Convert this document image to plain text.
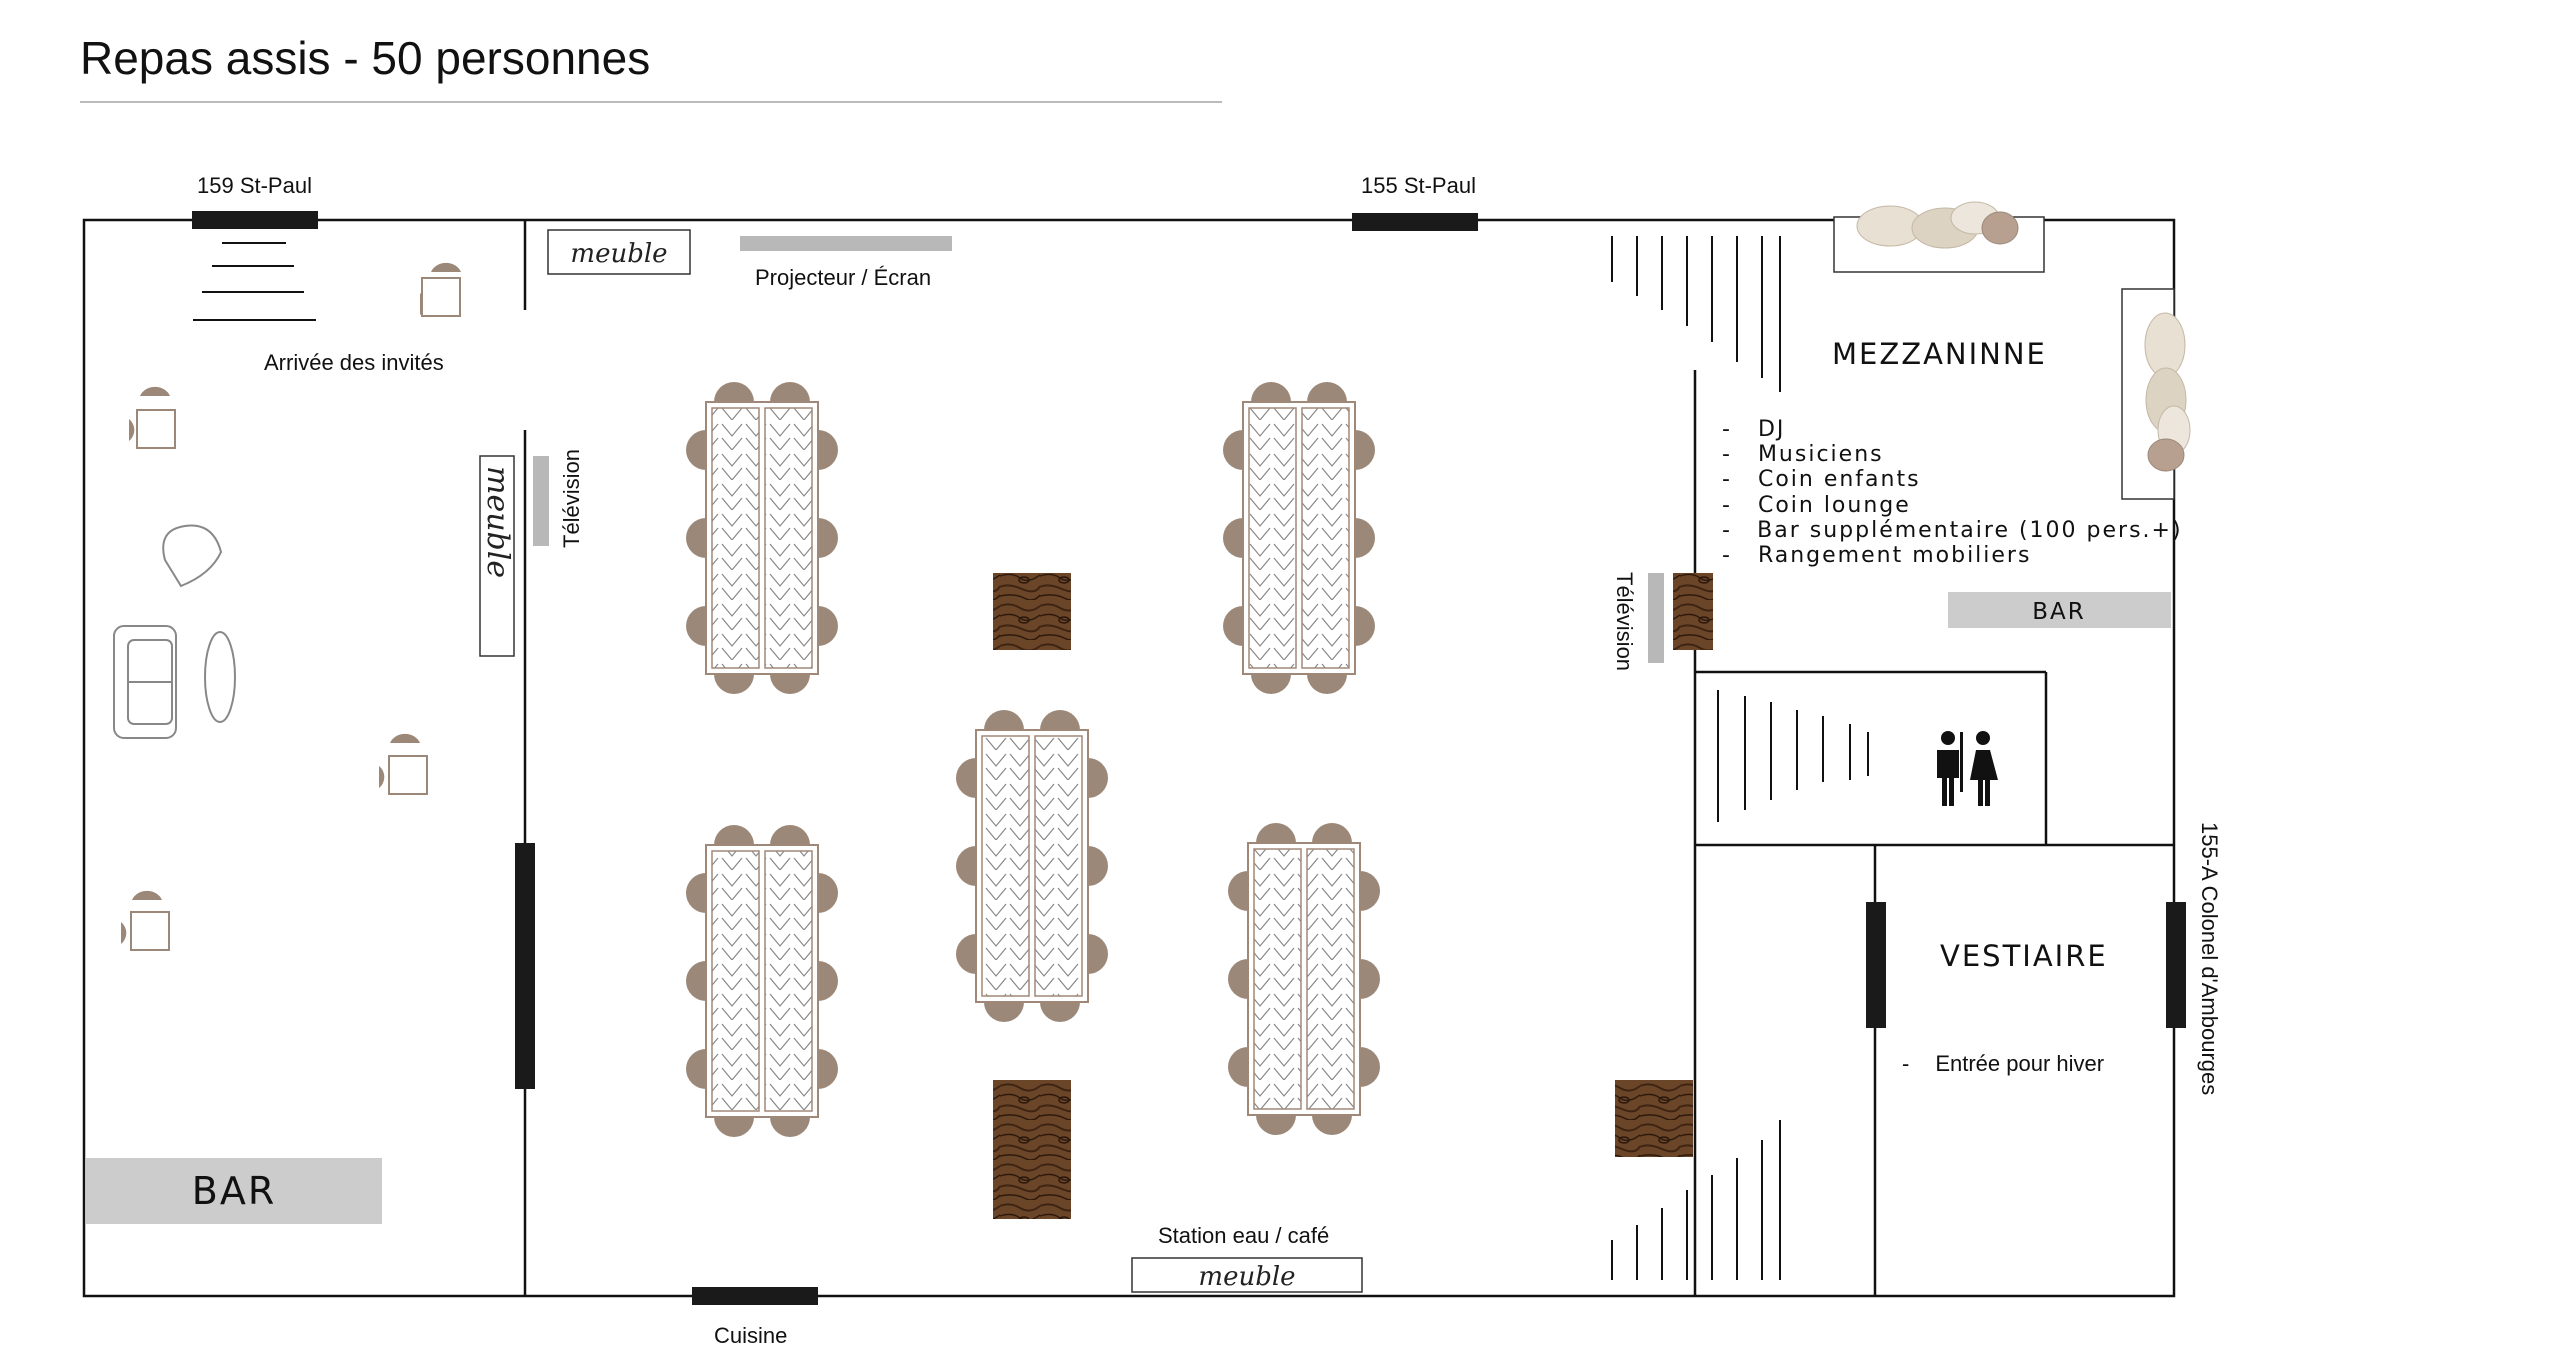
Repas assis - 50 personnes
159 St-Paul	155 St-Paul
Cuisine
155-A Colonel d'Ambourges
Arrivée des invités
BAR
meuble Télévision
meuble
Projecteur / Écran
Station eau / café
meuble
Télévision
MEZZANINNE
- DJ
- Musiciens
- Coin enfants
- Coin lounge
- Bar supplémentaire (100 pers.+)
- Rangement mobiliers
BAR
VESTIAIRE
- Entrée pour hiver
